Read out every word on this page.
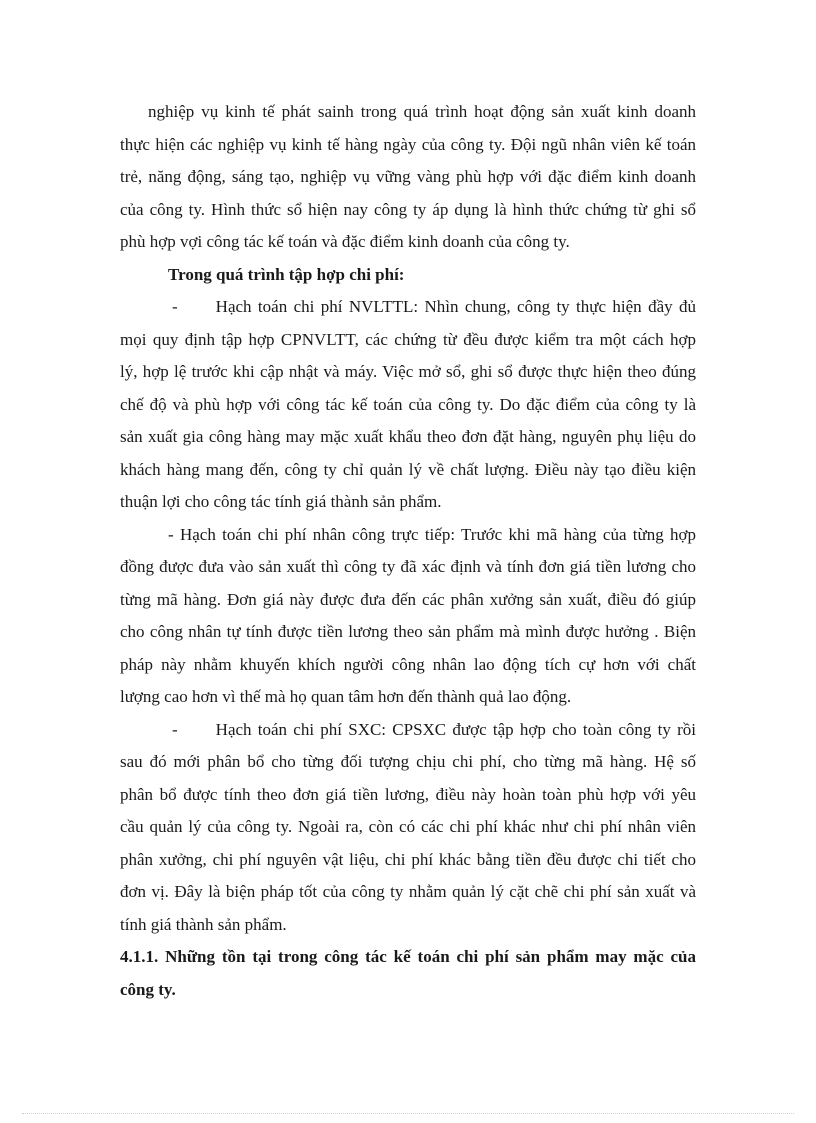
nghiệp vụ kinh tế phát sainh trong quá trình hoạt động sản xuất kinh doanh
thực hiện các nghiệp vụ kinh tế hàng ngày của công ty. Đội ngũ nhân viên kế toán
trẻ, năng động, sáng tạo, nghiệp vụ vững vàng phù hợp với đặc điểm kinh doanh
của công ty. Hình thức sổ hiện nay công ty áp dụng là hình thức chứng từ ghi sổ
phù hợp vợi công tác kế toán và đặc điểm kinh doanh của công ty.
Trong quá trình tập hợp chi phí:
- Hạch toán chi phí NVLTTL: Nhìn chung, công ty thực hiện đầy đủ
mọi quy định tập hợp CPNVLTT, các chứng từ đều được kiểm tra một cách hợp
lý, hợp lệ trước khi cập nhật và máy. Việc mở sổ, ghi sổ được thực hiện theo đúng
chế độ và phù hợp với công tác kế toán của công ty. Do đặc điểm của công ty là
sản xuất gia công hàng may mặc xuất khẩu theo đơn đặt hàng, nguyên phụ liệu do
khách hàng mang đến, công ty chỉ quản lý về chất lượng. Điều này tạo điều kiện
thuận lợi cho công tác tính giá thành sản phẩm.
- Hạch toán chi phí nhân công trực tiếp: Trước khi mã hàng của từng hợp
đồng được đưa vào sản xuất thì công ty đã xác định và tính đơn giá tiền lương cho
từng mã hàng. Đơn giá này được đưa đến các phân xưởng sản xuất, điều đó giúp
cho công nhân tự tính được tiền lương theo sản phẩm mà mình được hưởng . Biện
pháp này nhằm khuyến khích người công nhân lao động tích cự hơn với chất
lượng cao hơn vì thế mà họ quan tâm hơn đến thành quả lao động.
- Hạch toán chi phí SXC: CPSXC được tập hợp cho toàn công ty rồi
sau đó mới phân bổ cho từng đối tượng chịu chi phí, cho từng mã hàng. Hệ số
phân bổ được tính theo đơn giá tiền lương, điều này hoàn toàn phù hợp với yêu
cầu quản lý của công ty. Ngoài ra, còn có các chi phí khác như chi phí nhân viên
phân xưởng, chi phí nguyên vật liệu, chi phí khác bằng tiền đều được chi tiết cho
đơn vị. Đây là biện pháp tốt của công ty nhằm quản lý cặt chẽ chi phí sản xuất và
tính giá thành sản phẩm.
4.1.1. Những tồn tại trong công tác kế toán chi phí sản phẩm may mặc của
công ty.
